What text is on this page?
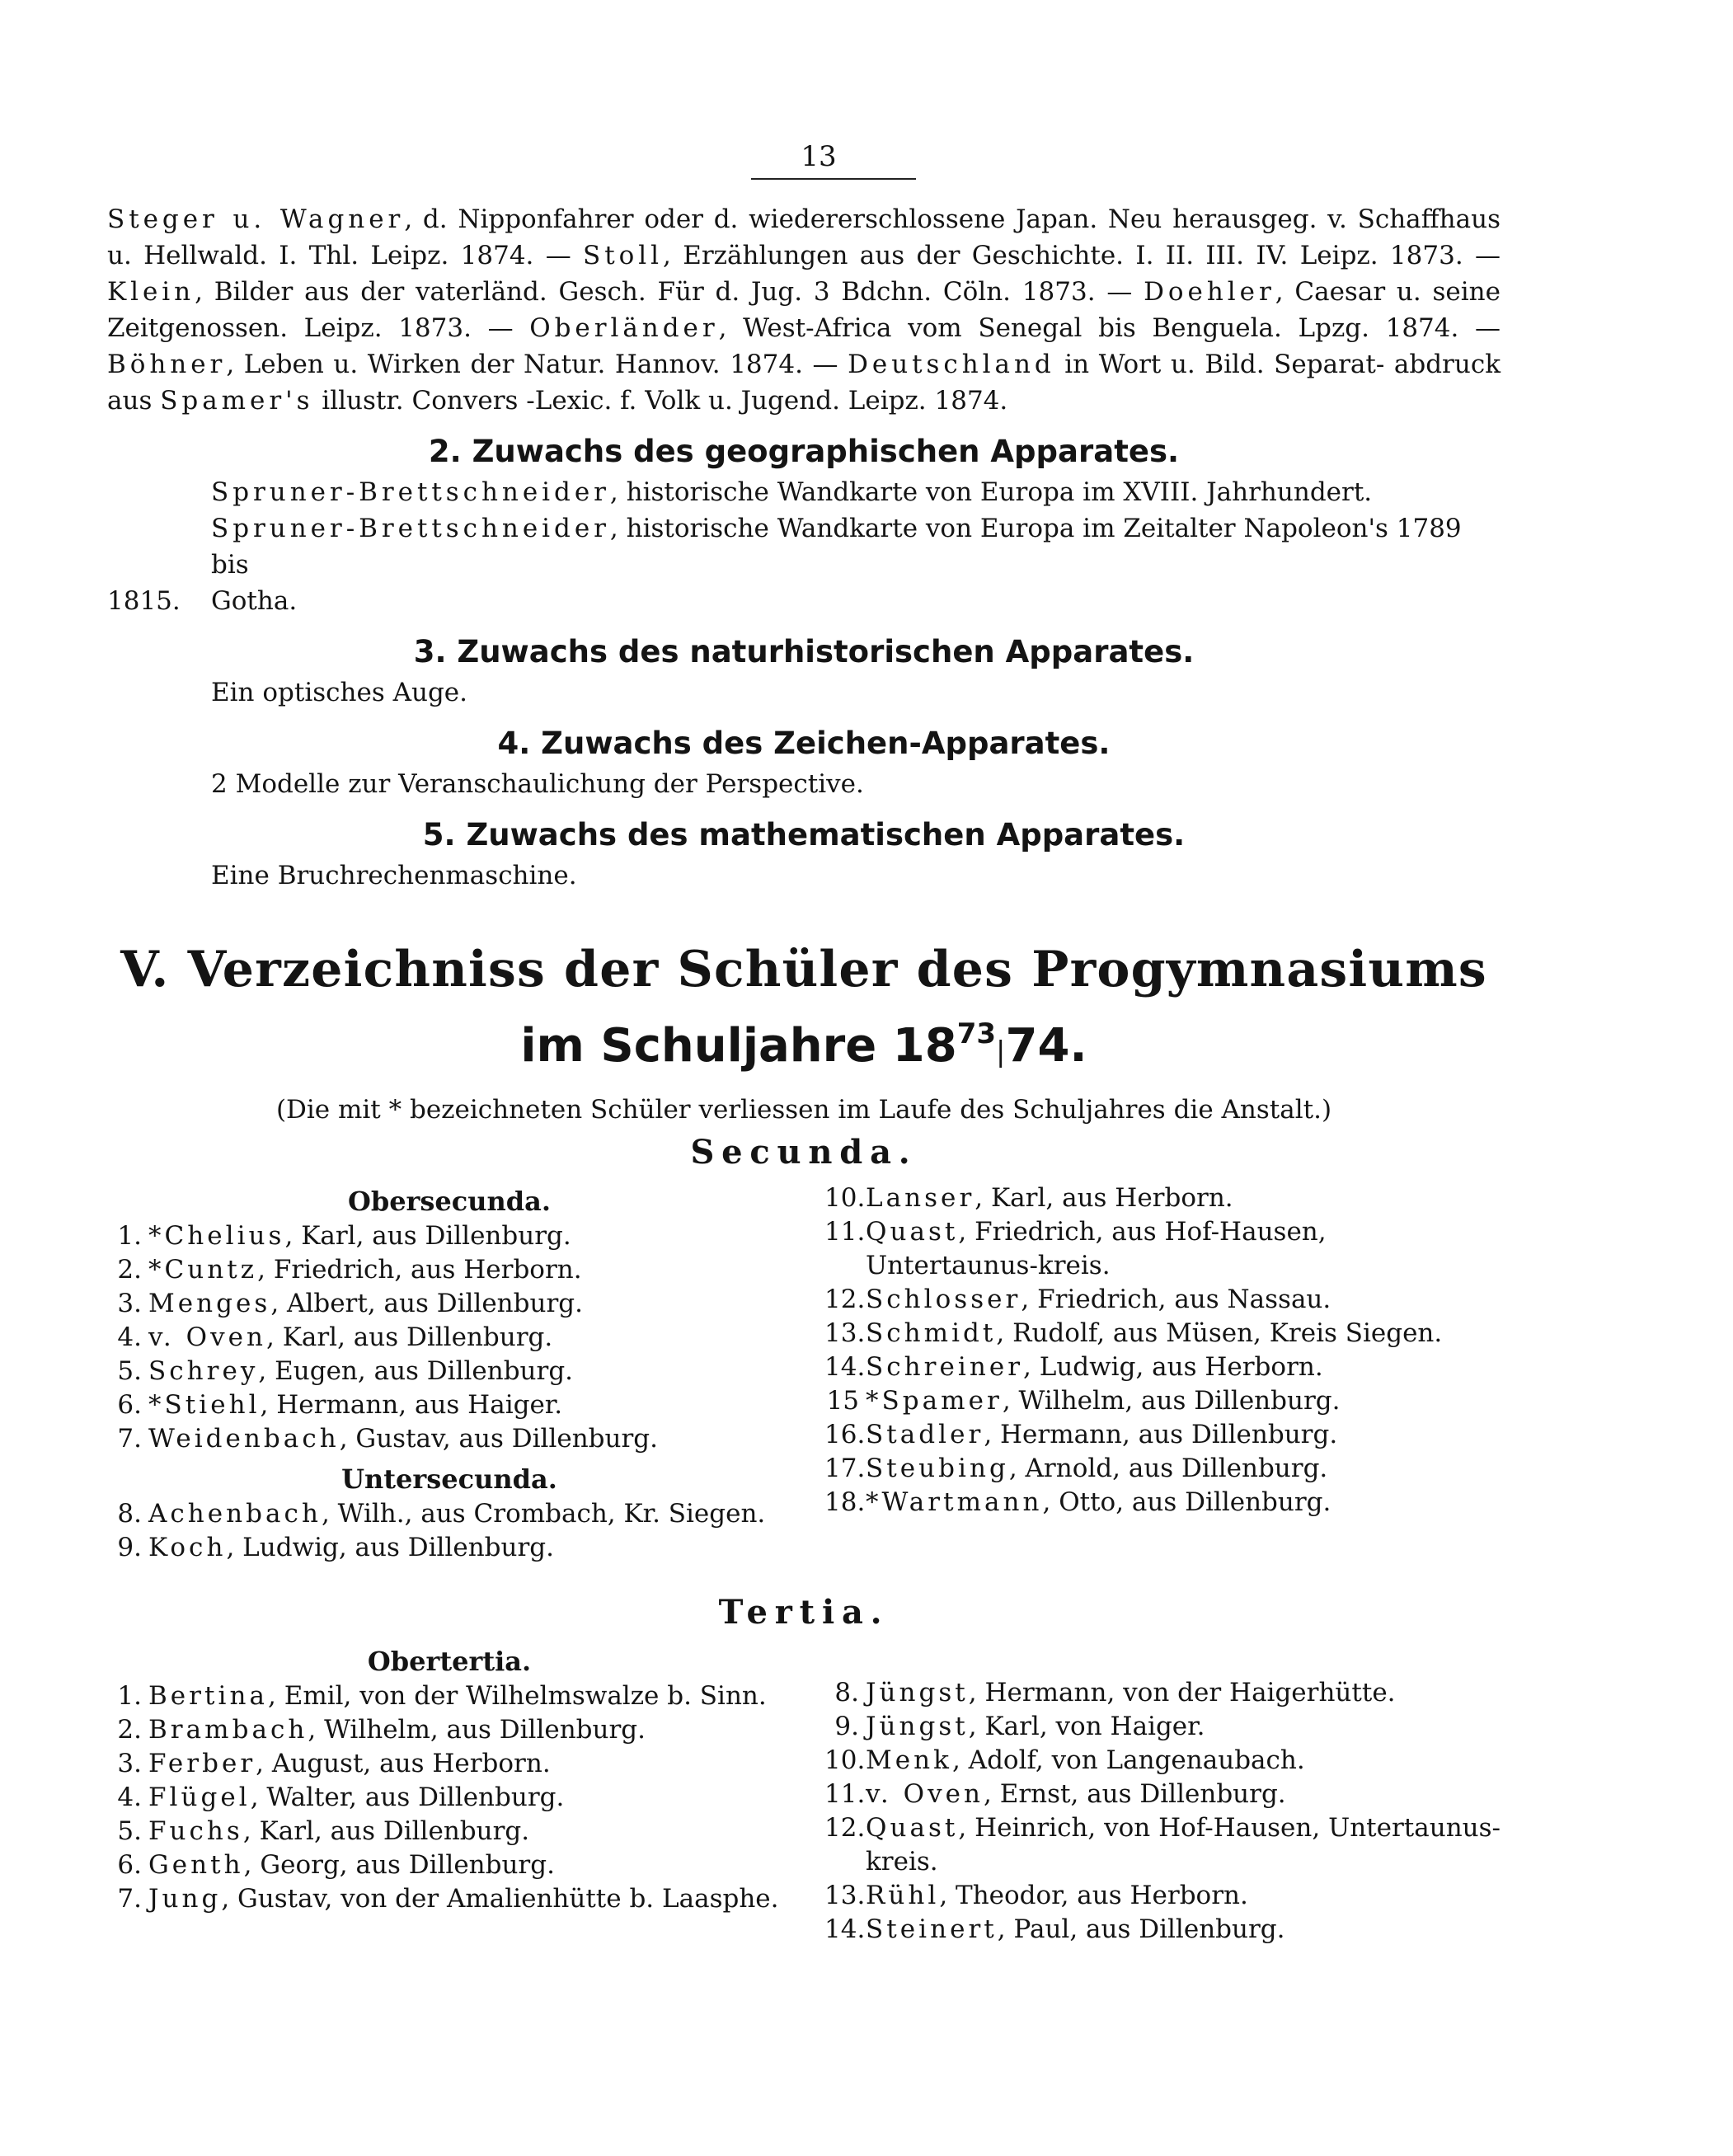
13
Steger u. Wagner, d. Nipponfahrer oder d. wiedererschlossene Japan. Neu herausgeg. v. Schaffhaus u. Hellwald. I. Thl. Leipz. 1874. — Stoll, Erzählungen aus der Geschichte. I. II. III. IV. Leipz. 1873. — Klein, Bilder aus der vaterländ. Gesch. Für d. Jug. 3 Bdchn. Cöln. 1873. — Doehler, Caesar u. seine Zeitgenossen. Leipz. 1873. — Oberländer, West-Africa vom Senegal bis Benguela. Lpzg. 1874. — Böhner, Leben u. Wirken der Natur. Hannov. 1874. — Deutschland in Wort u. Bild. Separat- abdruck aus Spamer's illustr. Convers -Lexic. f. Volk u. Jugend. Leipz. 1874.
2. Zuwachs des geographischen Apparates.
Spruner-Brettschneider, historische Wandkarte von Europa im XVIII. Jahrhundert.
Spruner-Brettschneider, historische Wandkarte von Europa im Zeitalter Napoleon's 1789 bis
1815.	Gotha.
3. Zuwachs des naturhistorischen Apparates.
Ein optisches Auge.
4. Zuwachs des Zeichen-Apparates.
2 Modelle zur Veranschaulichung der Perspective.
5. Zuwachs des mathematischen Apparates.
Eine Bruchrechenmaschine.
V. Verzeichniss der Schüler des Progymnasiums
im Schuljahre $18^{73}|74$.
(Die mit * bezeichneten Schüler verliessen im Laufe des Schuljahres die Anstalt.)
Secunda.
Obersecunda.
1. *Chelius, Karl, aus Dillenburg.
2. *Cuntz, Friedrich, aus Herborn.
3. Menges, Albert, aus Dillenburg.
4. v. Oven, Karl, aus Dillenburg.
5. Schrey, Eugen, aus Dillenburg.
6. *Stiehl, Hermann, aus Haiger.
7. Weidenbach, Gustav, aus Dillenburg.
Untersecunda.
8. Achenbach, Wilh., aus Crombach, Kr. Siegen.
9. Koch, Ludwig, aus Dillenburg.
10. Lanser, Karl, aus Herborn.
11. Quast, Friedrich, aus Hof-Hausen, Untertaunus-kreis.
12. Schlosser, Friedrich, aus Nassau.
13. Schmidt, Rudolf, aus Müsen, Kreis Siegen.
14. Schreiner, Ludwig, aus Herborn.
15 *Spamer, Wilhelm, aus Dillenburg.
16. Stadler, Hermann, aus Dillenburg.
17. Steubing, Arnold, aus Dillenburg.
18. *Wartmann, Otto, aus Dillenburg.
Tertia.
Obertertia.
1. Bertina, Emil, von der Wilhelmswalze b. Sinn.
2. Brambach, Wilhelm, aus Dillenburg.
3. Ferber, August, aus Herborn.
4. Flügel, Walter, aus Dillenburg.
5. Fuchs, Karl, aus Dillenburg.
6. Genth, Georg, aus Dillenburg.
7. Jung, Gustav, von der Amalienhütte b. Laasphe.
8. Jüngst, Hermann, von der Haigerhütte.
9. Jüngst, Karl, von Haiger.
10. Menk, Adolf, von Langenaubach.
11. v. Oven, Ernst, aus Dillenburg.
12. Quast, Heinrich, von Hof-Hausen, Untertaunus-kreis.
13. Rühl, Theodor, aus Herborn.
14. Steinert, Paul, aus Dillenburg.
